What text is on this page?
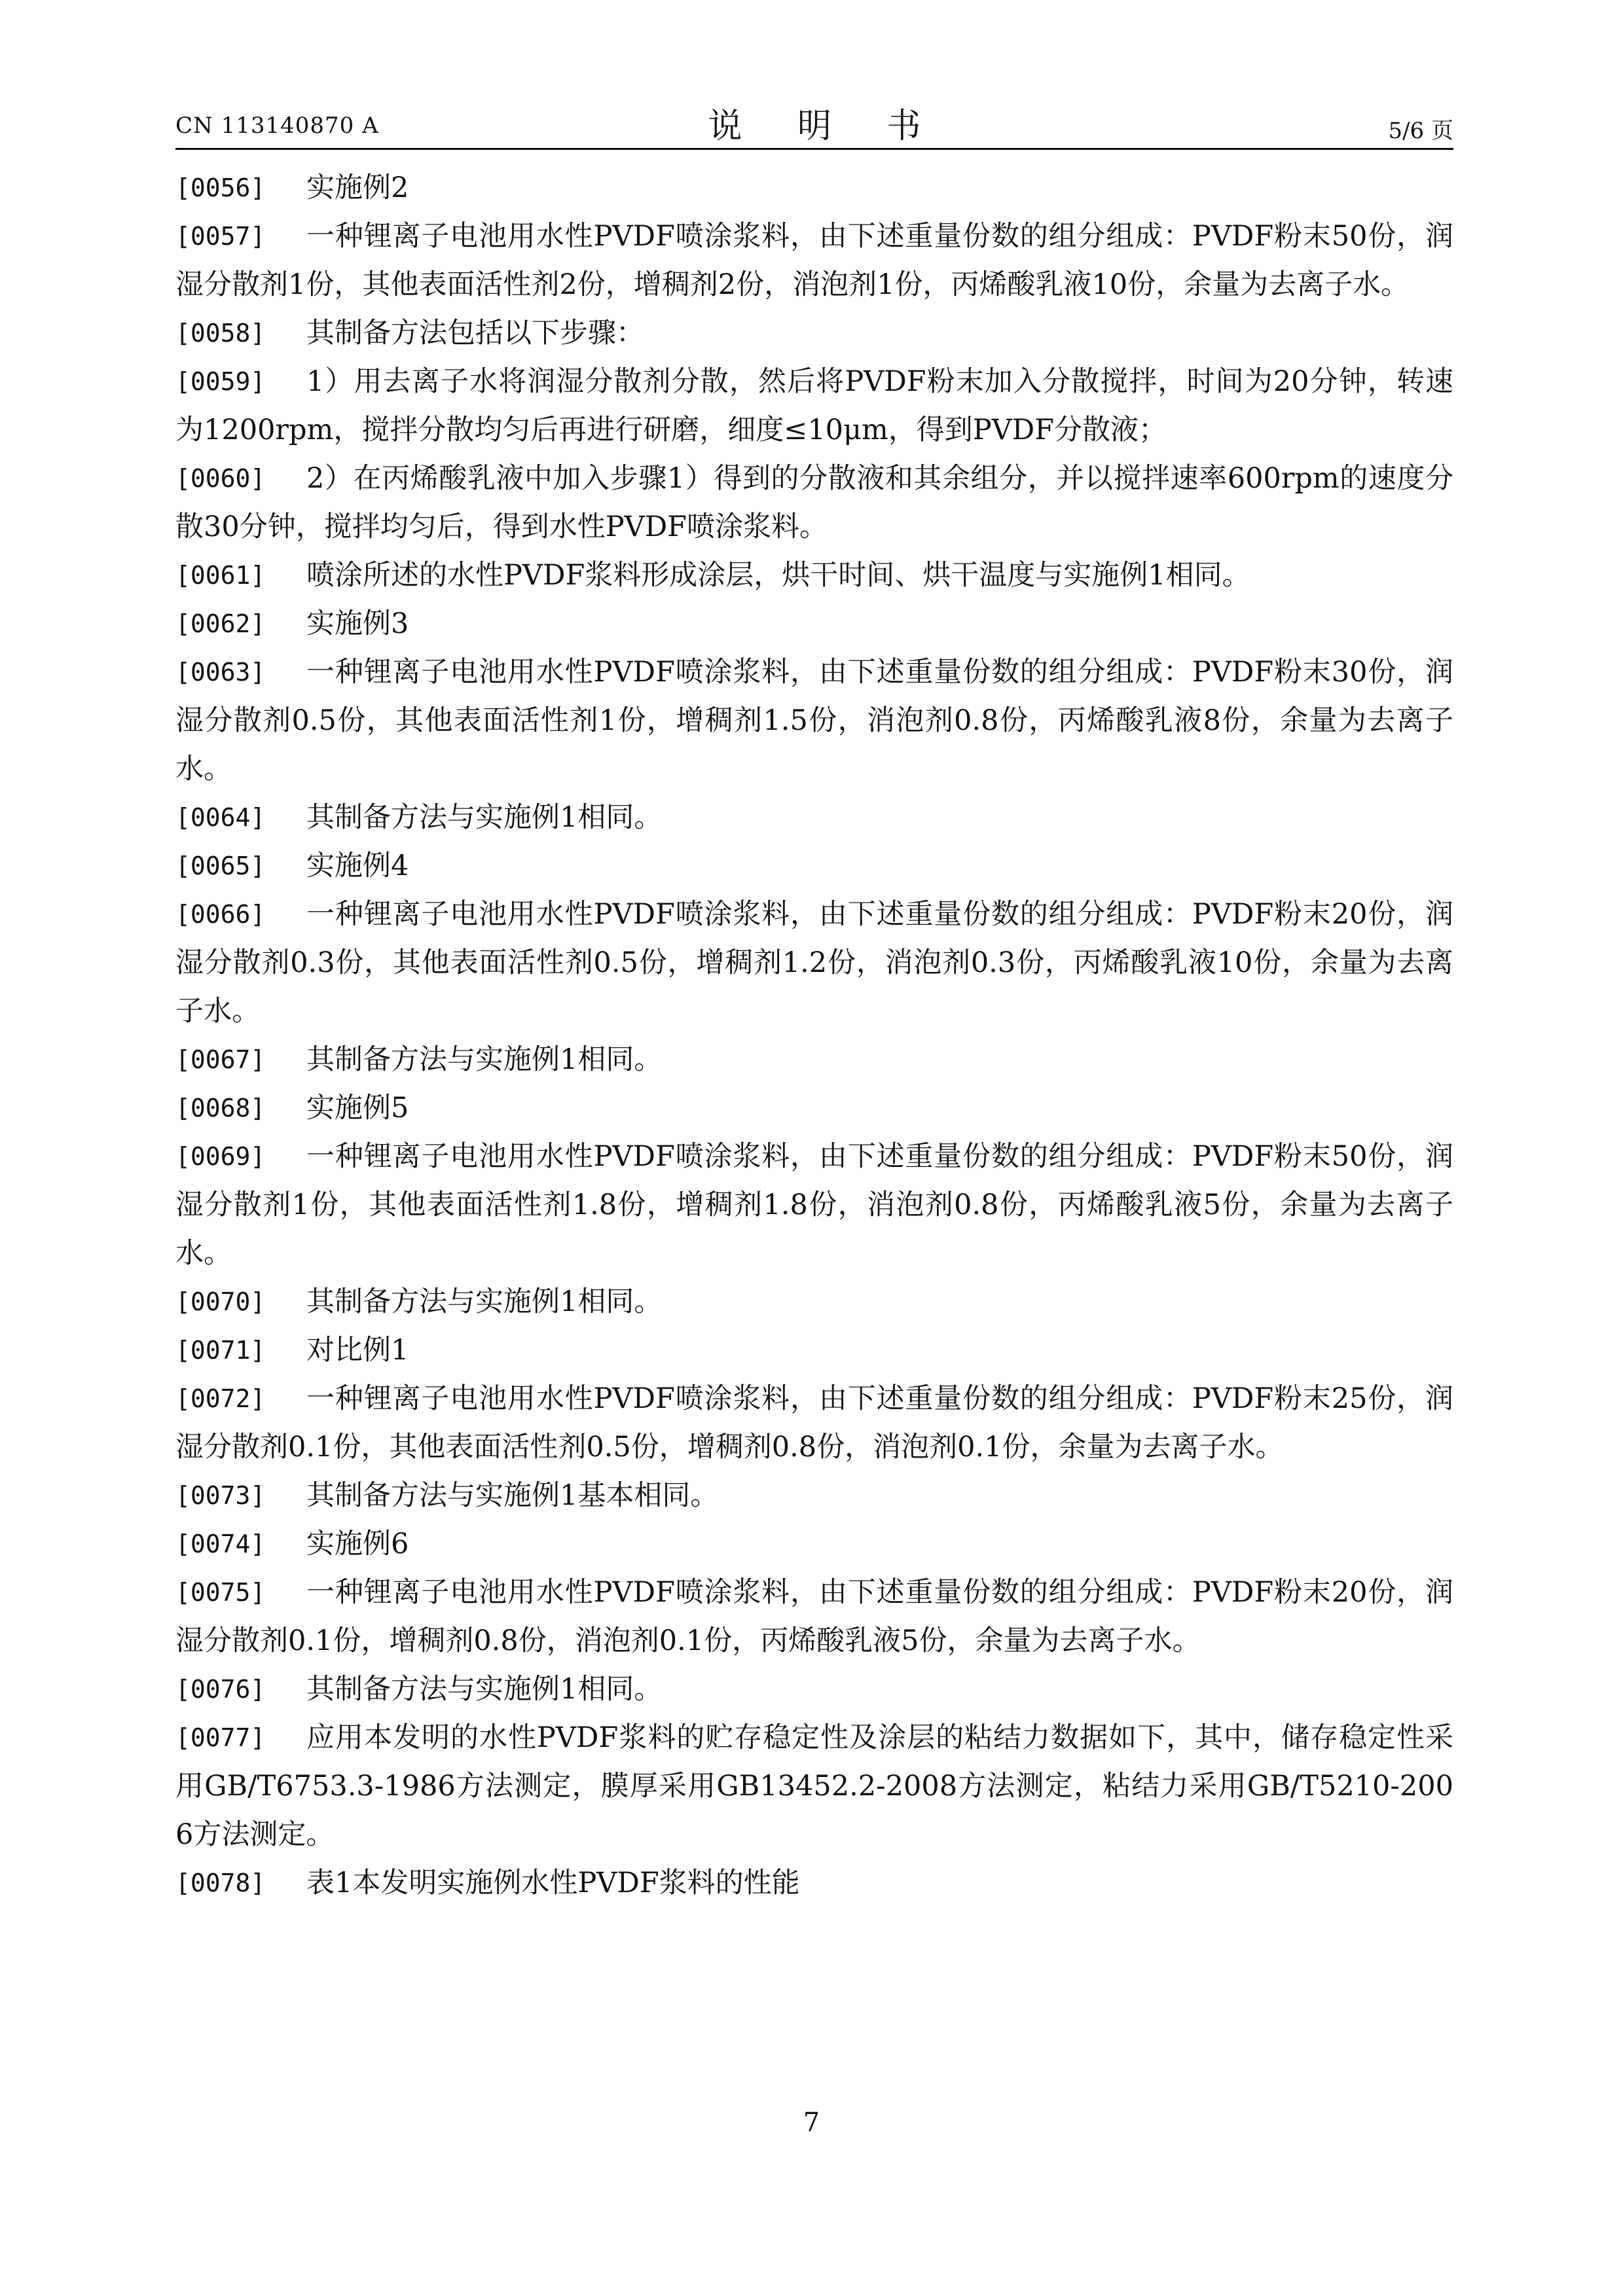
CN 113140870 A	说 明 书	5/6 页
[0056] 实施例2
[0057] 一种锂离子电池用水性PVDF喷涂浆料，由下述重量份数的组分组成：PVDF粉末50份，润湿分散剂1份，其他表面活性剂2份，增稠剂2份，消泡剂1份，丙烯酸乳液10份，余量为去离子水。
[0058] 其制备方法包括以下步骤：
[0059] 1）用去离子水将润湿分散剂分散，然后将PVDF粉末加入分散搅拌，时间为20分钟，转速为1200rpm，搅拌分散均匀后再进行研磨，细度≤10μm，得到PVDF分散液；
[0060] 2）在丙烯酸乳液中加入步骤1）得到的分散液和其余组分，并以搅拌速率600rpm的速度分散30分钟，搅拌均匀后，得到水性PVDF喷涂浆料。
[0061] 喷涂所述的水性PVDF浆料形成涂层，烘干时间、烘干温度与实施例1相同。
[0062] 实施例3
[0063] 一种锂离子电池用水性PVDF喷涂浆料，由下述重量份数的组分组成：PVDF粉末30份，润湿分散剂0.5份，其他表面活性剂1份，增稠剂1.5份，消泡剂0.8份，丙烯酸乳液8份，余量为去离子水。
[0064] 其制备方法与实施例1相同。
[0065] 实施例4
[0066] 一种锂离子电池用水性PVDF喷涂浆料，由下述重量份数的组分组成：PVDF粉末20份，润湿分散剂0.3份，其他表面活性剂0.5份，增稠剂1.2份，消泡剂0.3份，丙烯酸乳液10份，余量为去离子水。
[0067] 其制备方法与实施例1相同。
[0068] 实施例5
[0069] 一种锂离子电池用水性PVDF喷涂浆料，由下述重量份数的组分组成：PVDF粉末50份，润湿分散剂1份，其他表面活性剂1.8份，增稠剂1.8份，消泡剂0.8份，丙烯酸乳液5份，余量为去离子水。
[0070] 其制备方法与实施例1相同。
[0071] 对比例1
[0072] 一种锂离子电池用水性PVDF喷涂浆料，由下述重量份数的组分组成：PVDF粉末25份，润湿分散剂0.1份，其他表面活性剂0.5份，增稠剂0.8份，消泡剂0.1份，余量为去离子水。
[0073] 其制备方法与实施例1基本相同。
[0074] 实施例6
[0075] 一种锂离子电池用水性PVDF喷涂浆料，由下述重量份数的组分组成：PVDF粉末20份，润湿分散剂0.1份，增稠剂0.8份，消泡剂0.1份，丙烯酸乳液5份，余量为去离子水。
[0076] 其制备方法与实施例1相同。
[0077] 应用本发明的水性PVDF浆料的贮存稳定性及涂层的粘结力数据如下，其中，储存稳定性采用GB/T6753.3-1986方法测定，膜厚采用GB13452.2-2008方法测定，粘结力采用GB/T5210-2006方法测定。
[0078] 表1本发明实施例水性PVDF浆料的性能
7
